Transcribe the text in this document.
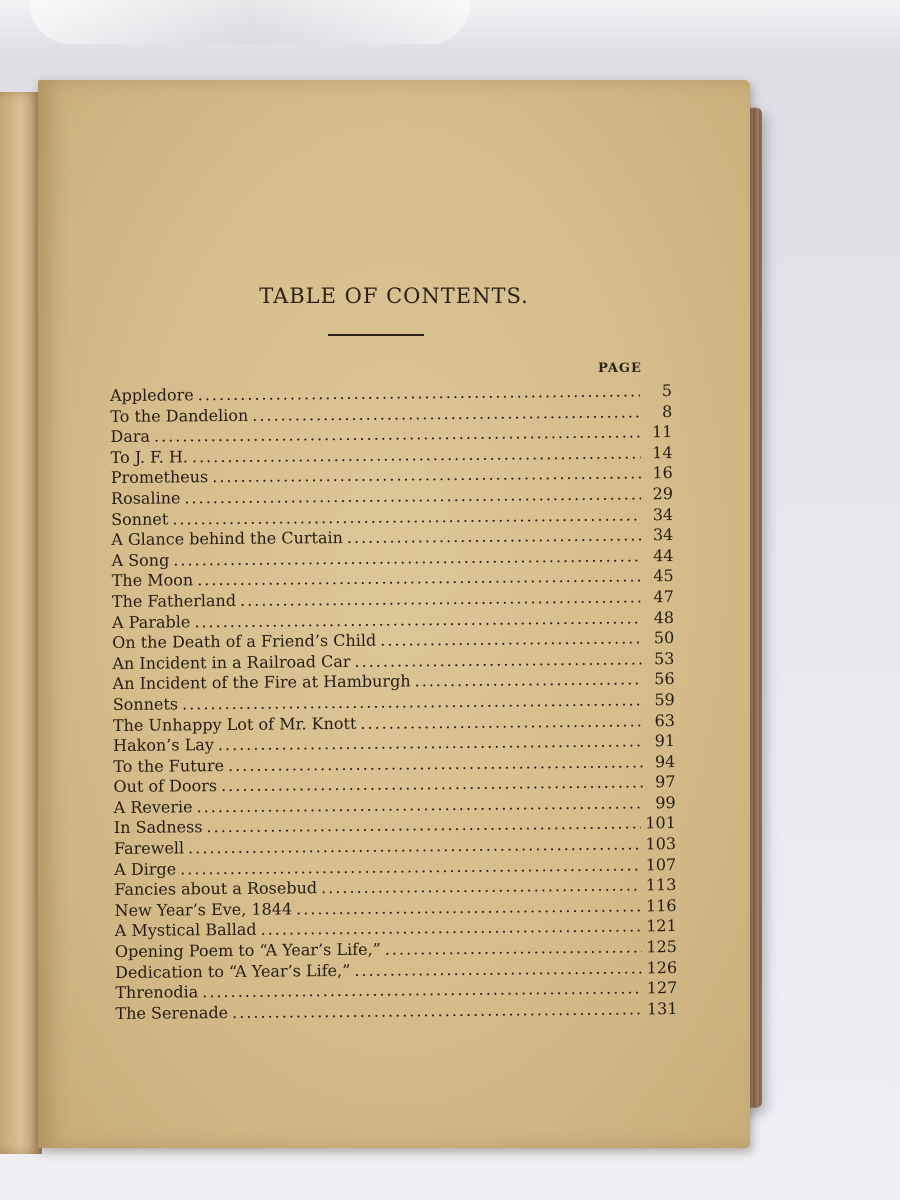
TABLE OF CONTENTS.
PAGE
Appledore .....	5
To the Dandelion .....	8
Dara .....	11
To J. F. H. .....	14
Prometheus .....	16
Rosaline .....	29
Sonnet .....	34
A Glance behind the Curtain .....	34
A Song .....	44
The Moon .....	45
The Fatherland .....	47
A Parable .....	48
On the Death of a Friend’s Child .....	50
An Incident in a Railroad Car .....	53
An Incident of the Fire at Hamburgh .....	56
Sonnets .....	59
The Unhappy Lot of Mr. Knott .....	63
Hakon’s Lay .....	91
To the Future .....	94
Out of Doors .....	97
A Reverie .....	99
In Sadness .....	101
Farewell .....	103
A Dirge .....	107
Fancies about a Rosebud .....	113
New Year’s Eve, 1844 .....	116
A Mystical Ballad .....	121
Opening Poem to “A Year’s Life,” .....	125
Dedication to “A Year’s Life,” .....	126
Threnodia .....	127
The Serenade .....	131
